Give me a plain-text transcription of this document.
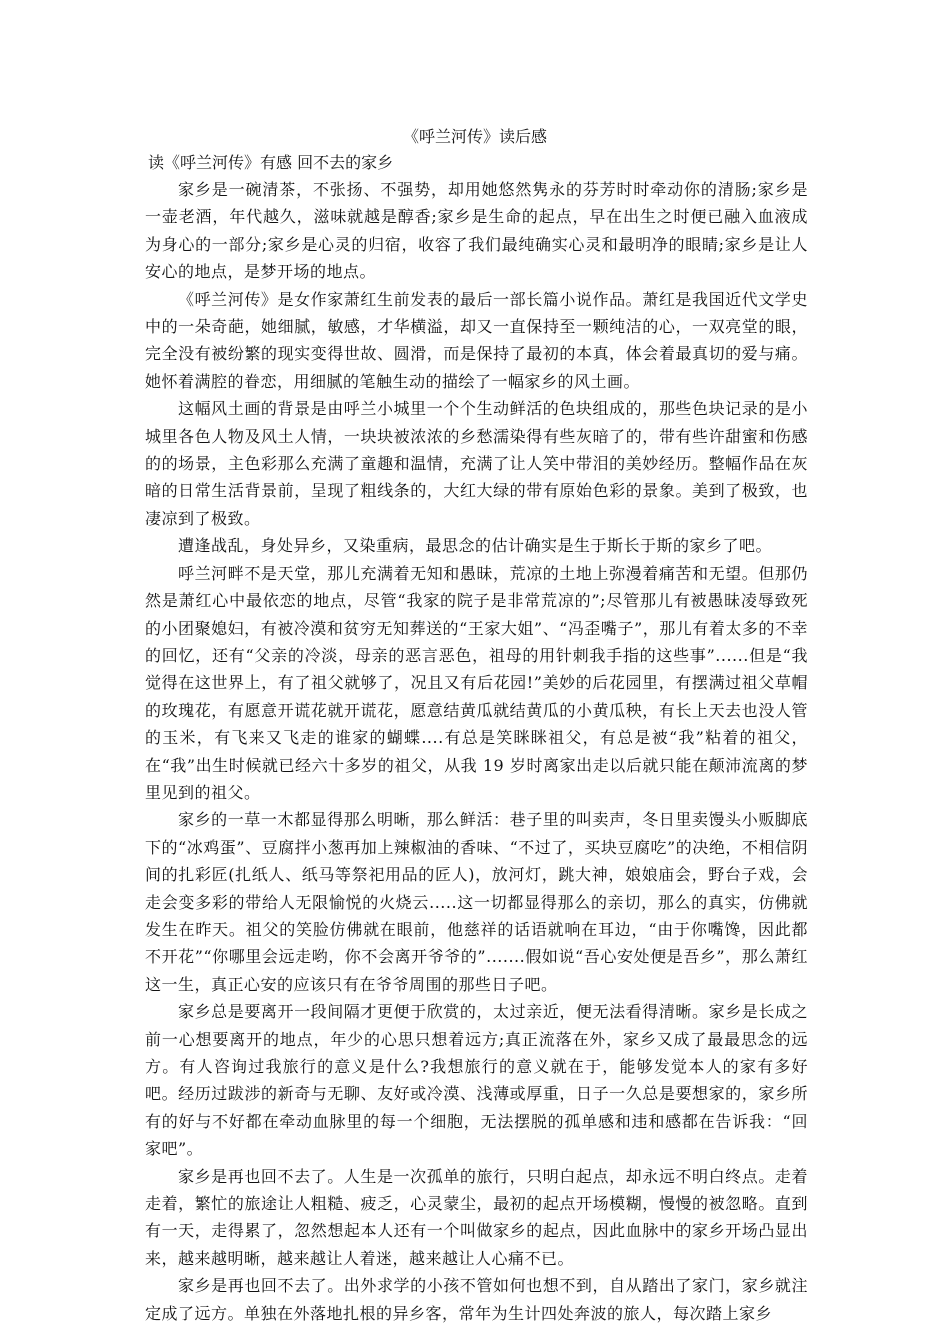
《呼兰河传》读后感

读《呼兰河传》有感 回不去的家乡

家乡是一碗清茶，不张扬、不强势，却用她悠然隽永的芬芳时时牵动你的清肠;家乡是一壶老酒，年代越久，滋味就越是醇香;家乡是生命的起点，早在出生之时便已融入血液成为身心的一部分;家乡是心灵的归宿，收容了我们最纯确实心灵和最明净的眼睛;家乡是让人安心的地点，是梦开场的地点。

《呼兰河传》是女作家萧红生前发表的最后一部长篇小说作品。萧红是我国近代文学史中的一朵奇葩，她细腻，敏感，才华横溢，却又一直保持至一颗纯洁的心，一双亮堂的眼，完全没有被纷繁的现实变得世故、圆滑，而是保持了最初的本真，体会着最真切的爱与痛。她怀着满腔的眷恋，用细腻的笔触生动的描绘了一幅家乡的风土画。

这幅风土画的背景是由呼兰小城里一个个生动鲜活的色块组成的，那些色块记录的是小城里各色人物及风土人情，一块块被浓浓的乡愁濡染得有些灰暗了的，带有些许甜蜜和伤感的的场景，主色彩那么充满了童趣和温情，充满了让人笑中带泪的美妙经历。整幅作品在灰暗的日常生活背景前，呈现了粗线条的，大红大绿的带有原始色彩的景象。美到了极致，也凄凉到了极致。

遭逢战乱，身处异乡，又染重病，最思念的估计确实是生于斯长于斯的家乡了吧。

呼兰河畔不是天堂，那儿充满着无知和愚昧，荒凉的土地上弥漫着痛苦和无望。但那仍然是萧红心中最依恋的地点，尽管“我家的院子是非常荒凉的”;尽管那儿有被愚昧凌辱致死的小团聚媳妇，有被冷漠和贫穷无知葬送的“王家大姐”、“冯歪嘴子”，那儿有着太多的不幸的回忆，还有“父亲的冷淡，母亲的恶言恶色，祖母的用针刺我手指的这些事”......但是“我觉得在这世界上，有了祖父就够了，况且又有后花园!”美妙的后花园里，有摆满过祖父草帽的玫瑰花，有愿意开谎花就开谎花，愿意结黄瓜就结黄瓜的小黄瓜秧，有长上天去也没人管的玉米，有飞来又飞走的谁家的蝴蝶....有总是笑眯眯祖父，有总是被“我”粘着的祖父，在“我”出生时候就已经六十多岁的祖父，从我 19 岁时离家出走以后就只能在颠沛流离的梦里见到的祖父。

家乡的一草一木都显得那么明晰，那么鲜活：巷子里的叫卖声，冬日里卖馒头小贩脚底下的“冰鸡蛋”、豆腐拌小葱再加上辣椒油的香味、“不过了，买块豆腐吃”的决绝，不相信阴间的扎彩匠(扎纸人、纸马等祭祀用品的匠人)，放河灯，跳大神，娘娘庙会，野台子戏，会走会变多彩的带给人无限愉悦的火烧云.....这一切都显得那么的亲切，那么的真实，仿佛就发生在昨天。祖父的笑脸仿佛就在眼前，他慈祥的话语就响在耳边，“由于你嘴馋，因此都不开花”“你哪里会远走哟，你不会离开爷爷的”.......假如说“吾心安处便是吾乡”，那么萧红这一生，真正心安的应该只有在爷爷周围的那些日子吧。

家乡总是要离开一段间隔才更便于欣赏的，太过亲近，便无法看得清晰。家乡是长成之前一心想要离开的地点，年少的心思只想着远方;真正流落在外，家乡又成了最最思念的远方。有人咨询过我旅行的意义是什么?我想旅行的意义就在于，能够发觉本人的家有多好吧。经历过跋涉的新奇与无聊、友好或冷漠、浅薄或厚重，日子一久总是要想家的，家乡所有的好与不好都在牵动血脉里的每一个细胞，无法摆脱的孤单感和违和感都在告诉我：“回家吧”。

家乡是再也回不去了。人生是一次孤单的旅行，只明白起点，却永远不明白终点。走着走着，繁忙的旅途让人粗糙、疲乏，心灵蒙尘，最初的起点开场模糊，慢慢的被忽略。直到有一天，走得累了，忽然想起本人还有一个叫做家乡的起点，因此血脉中的家乡开场凸显出来，越来越明晰，越来越让人着迷，越来越让人心痛不已。

家乡是再也回不去了。出外求学的小孩不管如何也想不到，自从踏出了家门，家乡就注定成了远方。单独在外落地扎根的异乡客，常年为生计四处奔波的旅人，每次踏上家乡
